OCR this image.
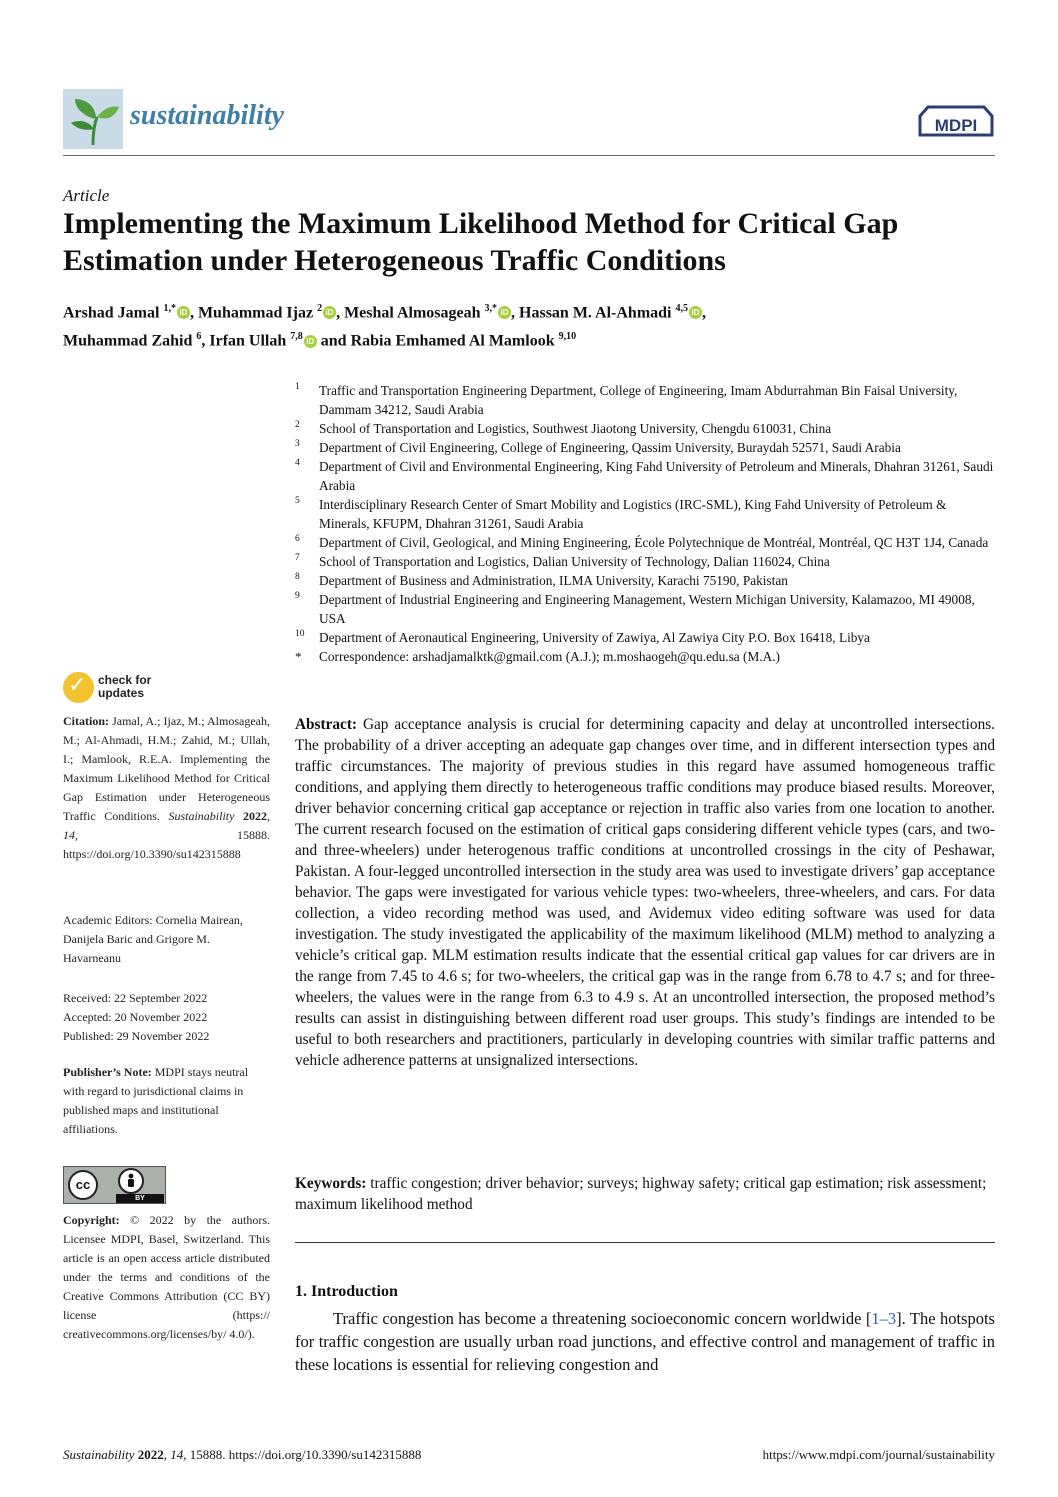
sustainability	MDPI
Article
Implementing the Maximum Likelihood Method for Critical Gap Estimation under Heterogeneous Traffic Conditions
Arshad Jamal $^{1,*}$ iD , Muhammad Ijaz $^2$ iD , Meshal Almosageah $^{3,*}$ iD , Hassan M. Al-Ahmadi $^{4,5}$ iD ,
Muhammad Zahid $^6$, Irfan Ullah $^{7,8}$ iD and Rabia Emhamed Al Mamlook $^{9,10}$
1 Traffic and Transportation Engineering Department, College of Engineering, Imam Abdurrahman Bin Faisal University, Dammam 34212, Saudi Arabia
2 School of Transportation and Logistics, Southwest Jiaotong University, Chengdu 610031, China
3 Department of Civil Engineering, College of Engineering, Qassim University, Buraydah 52571, Saudi Arabia
4 Department of Civil and Environmental Engineering, King Fahd University of Petroleum and Minerals, Dhahran 31261, Saudi Arabia
5 Interdisciplinary Research Center of Smart Mobility and Logistics (IRC-SML), King Fahd University of Petroleum & Minerals, KFUPM, Dhahran 31261, Saudi Arabia
6 Department of Civil, Geological, and Mining Engineering, École Polytechnique de Montréal, Montréal, QC H3T 1J4, Canada
7 School of Transportation and Logistics, Dalian University of Technology, Dalian 116024, China
8 Department of Business and Administration, ILMA University, Karachi 75190, Pakistan
9 Department of Industrial Engineering and Engineering Management, Western Michigan University, Kalamazoo, MI 49008, USA
10 Department of Aeronautical Engineering, University of Zawiya, Al Zawiya City P.O. Box 16418, Libya
* Correspondence: arshadjamalktk@gmail.com (A.J.); m.moshaogeh@qu.edu.sa (M.A.)
✓ check for
updates

Citation: Jamal, A.; Ijaz, M.; Almosageah, M.; Al-Ahmadi, H.M.; Zahid, M.; Ullah, I.; Mamlook, R.E.A. Implementing the Maximum Likelihood Method for Critical Gap Estimation under Heterogeneous Traffic Conditions. Sustainability 2022, 14, 15888. https://doi.org/10.3390/su142315888

Academic Editors: Cornelia Mairean, Danijela Baric and Grigore M. Havarneanu

Received: 22 September 2022

Accepted: 20 November 2022

Published: 29 November 2022

Publisher’s Note: MDPI stays neutral with regard to jurisdictional claims in published maps and institutional affiliations.

cc
BY
Copyright: © 2022 by the authors. Licensee MDPI, Basel, Switzerland. This article is an open access article distributed under the terms and conditions of the Creative Commons Attribution (CC BY) license (https:// creativecommons.org/licenses/by/ 4.0/).
Abstract: Gap acceptance analysis is crucial for determining capacity and delay at uncontrolled intersections. The probability of a driver accepting an adequate gap changes over time, and in different intersection types and traffic circumstances. The majority of previous studies in this regard have assumed homogeneous traffic conditions, and applying them directly to heterogeneous traffic conditions may produce biased results. Moreover, driver behavior concerning critical gap acceptance or rejection in traffic also varies from one location to another. The current research focused on the estimation of critical gaps considering different vehicle types (cars, and two- and three-wheelers) under heterogenous traffic conditions at uncontrolled crossings in the city of Peshawar, Pakistan. A four-legged uncontrolled intersection in the study area was used to investigate drivers’ gap acceptance behavior. The gaps were investigated for various vehicle types: two-wheelers, three-wheelers, and cars. For data collection, a video recording method was used, and Avidemux video editing software was used for data investigation. The study investigated the applicability of the maximum likelihood (MLM) method to analyzing a vehicle’s critical gap. MLM estimation results indicate that the essential critical gap values for car drivers are in the range from 7.45 to 4.6 s; for two-wheelers, the critical gap was in the range from 6.78 to 4.7 s; and for three-wheelers, the values were in the range from 6.3 to 4.9 s. At an uncontrolled intersection, the proposed method’s results can assist in distinguishing between different road user groups. This study’s findings are intended to be useful to both researchers and practitioners, particularly in developing countries with similar traffic patterns and vehicle adherence patterns at unsignalized intersections.
Keywords: traffic congestion; driver behavior; surveys; highway safety; critical gap estimation; risk assessment; maximum likelihood method
1. Introduction
Traffic congestion has become a threatening socioeconomic concern worldwide [1–3]. The hotspots for traffic congestion are usually urban road junctions, and effective control and management of traffic in these locations is essential for relieving congestion and
Sustainability 2022, 14, 15888. https://doi.org/10.3390/su142315888	https://www.mdpi.com/journal/sustainability
